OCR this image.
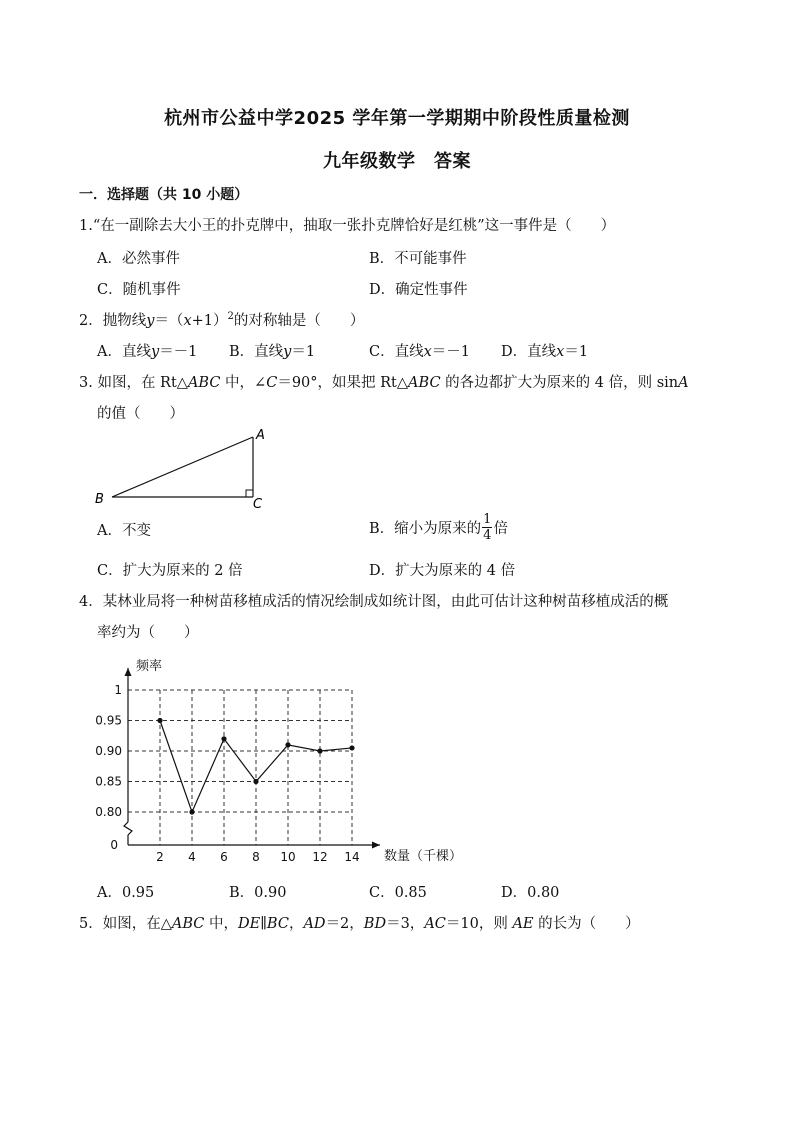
杭州市公益中学2025 学年第一学期期中阶段性质量检测
九年级数学　答案
一．选择题（共 10 小题）
1.“在一副除去大小王的扑克牌中，抽取一张扑克牌恰好是红桃”这一事件是（　　）
A．必然事件	B．不可能事件
C．随机事件	D．确定性事件
2．抛物线$y=(x+1)^2$的对称轴是（　　）
A．直线y＝－1 B．直线y＝1	C．直线x＝－1 D．直线x＝1
3. 如图，在 Rt△ABC 中，∠C＝90°，如果把 Rt△ABC 的各边都扩大为原来的 4 倍，则 sinA
的值（　　）
A
B	C
A．不变	B．缩小为原来的 $\frac{1}{4}$ 倍
C．扩大为原来的 2 倍	D．扩大为原来的 4 倍
4．某林业局将一种树苗移植成活的情况绘制成如统计图，由此可估计这种树苗移植成活的概
率约为（　　）
1
0.95
0.90
0.85
0.80
0
2 4 6 8 10 12 14
频率
数量（千棵）
A．0.95	B．0.90	C．0.85	D．0.80
5．如图，在△ABC 中，DE∥BC，AD＝2，BD＝3，AC＝10，则 AE 的长为（　　）
